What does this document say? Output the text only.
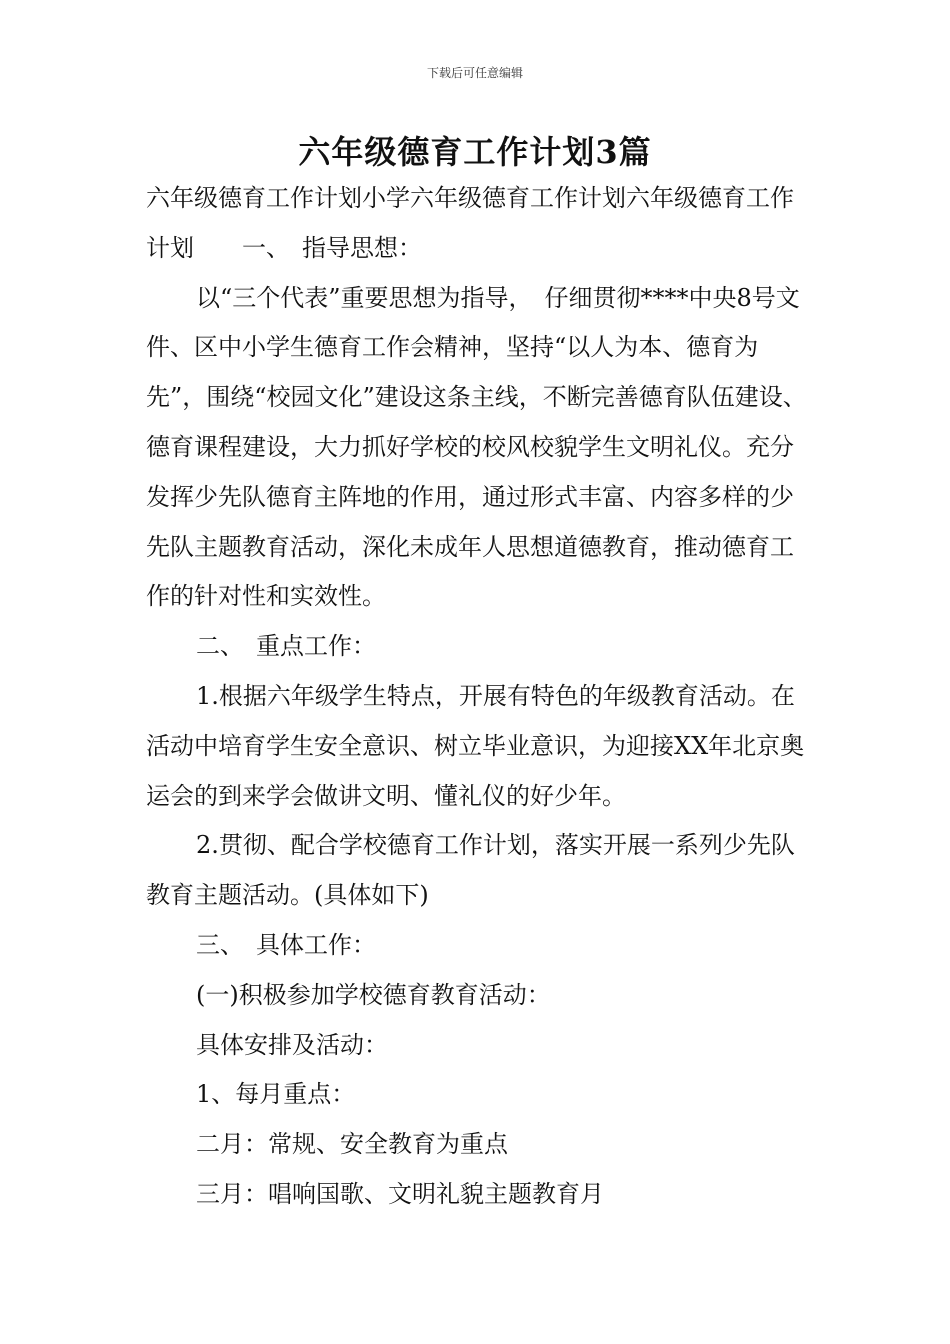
下载后可任意编辑
六年级德育工作计划3篇

六年级德育工作计划小学六年级德育工作计划六年级德育工作计划　　一、　指导思想：

以“三个代表”重要思想为指导，　仔细贯彻****中央8号文件、区中小学生德育工作会精神，坚持“以人为本、德育为先”，围绕“校园文化”建设这条主线，不断完善德育队伍建设、德育课程建设，大力抓好学校的校风校貌学生文明礼仪。充分发挥少先队德育主阵地的作用，通过形式丰富、内容多样的少先队主题教育活动，深化未成年人思想道德教育，推动德育工作的针对性和实效性。

二、　重点工作：

1.根据六年级学生特点，开展有特色的年级教育活动。在活动中培育学生安全意识、树立毕业意识，为迎接XX年北京奥运会的到来学会做讲文明、懂礼仪的好少年。

2.贯彻、配合学校德育工作计划，落实开展一系列少先队教育主题活动。(具体如下)

三、　具体工作：

(一)积极参加学校德育教育活动：

具体安排及活动：

1、每月重点：

二月：常规、安全教育为重点

三月：唱响国歌、文明礼貌主题教育月
